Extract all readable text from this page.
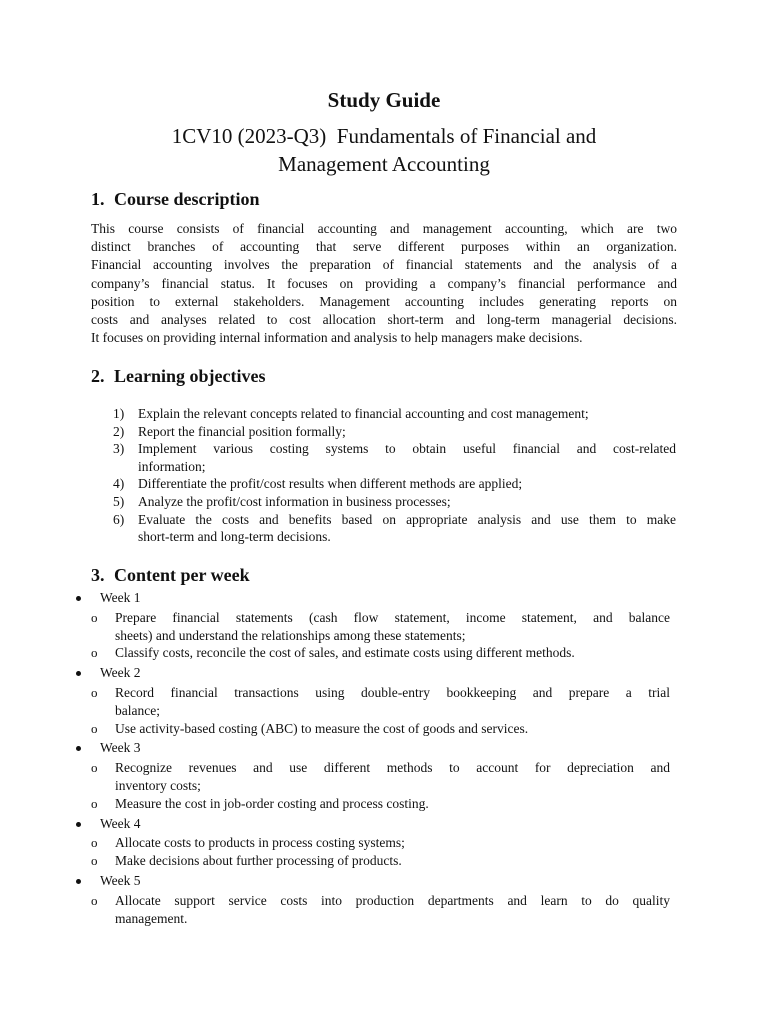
Study Guide
1CV10 (2023-Q3)  Fundamentals of Financial and
Management Accounting
1. Course description
This course consists of financial accounting and management accounting, which are two
distinct branches of accounting that serve different purposes within an organization.
Financial accounting involves the preparation of financial statements and the analysis of a
company’s financial status. It focuses on providing a company’s financial performance and
position to external stakeholders. Management accounting includes generating reports on
costs and analyses related to cost allocation short-term and long-term managerial decisions.
It focuses on providing internal information and analysis to help managers make decisions.
2. Learning objectives
1) Explain the relevant concepts related to financial accounting and cost management;
2) Report the financial position formally;
3) Implement various costing systems to obtain useful financial and cost-related
information;
4) Differentiate the profit/cost results when different methods are applied;
5) Analyze the profit/cost information in business processes;
6) Evaluate the costs and benefits based on appropriate analysis and use them to make
short-term and long-term decisions.
3. Content per week
Week 1
o Prepare financial statements (cash flow statement, income statement, and balance
sheets) and understand the relationships among these statements;
o Classify costs, reconcile the cost of sales, and estimate costs using different methods.
Week 2
o Record financial transactions using double-entry bookkeeping and prepare a trial
balance;
o Use activity-based costing (ABC) to measure the cost of goods and services.
Week 3
o Recognize revenues and use different methods to account for depreciation and
inventory costs;
o Measure the cost in job-order costing and process costing.
Week 4
o Allocate costs to products in process costing systems;
o Make decisions about further processing of products.
Week 5
o Allocate support service costs into production departments and learn to do quality
management.
